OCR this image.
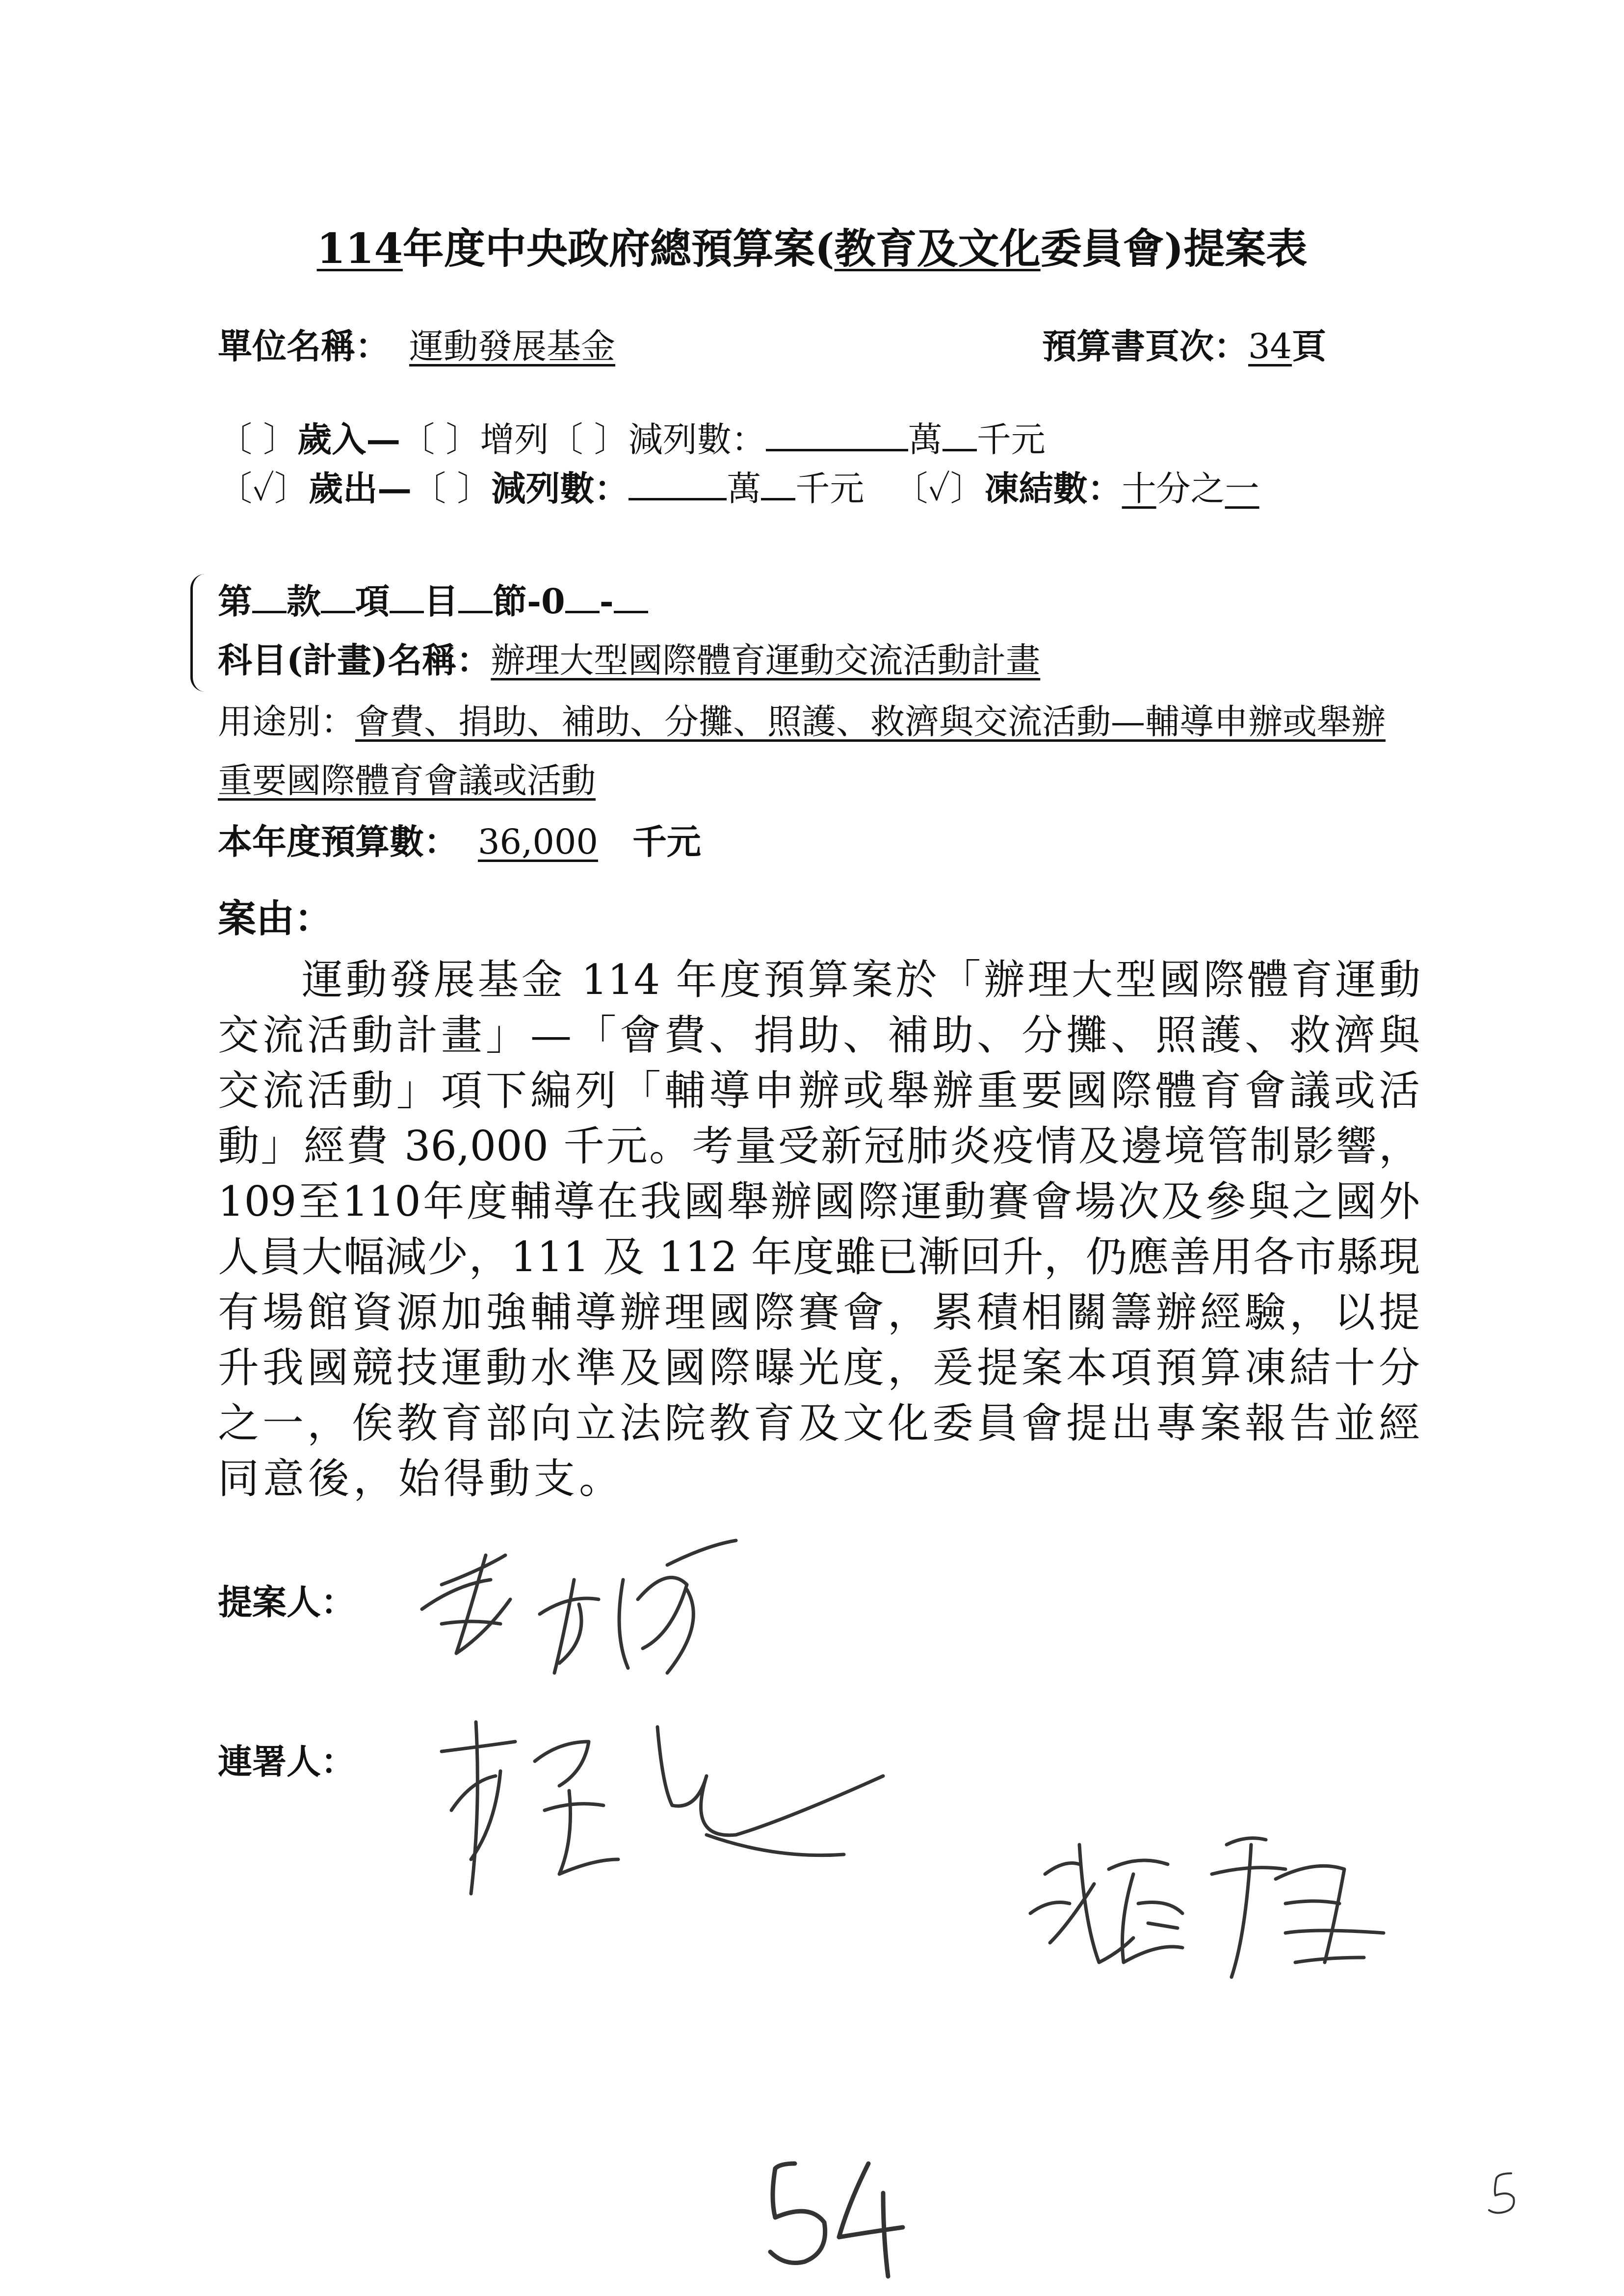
114年度中央政府總預算案(教育及文化委員會)提案表
單位名稱： 運動發展基金	預算書頁次：34頁
〔 〕歲入—〔 〕增列〔 〕減列數：	萬 千元
〔✓〕歲出—〔 〕減列數：	萬 千元 〔✓〕凍結數：十分之一
第 款 項 目 節-0 -
科目(計畫)名稱：辦理大型國際體育運動交流活動計畫
用途別：會費、捐助、補助、分攤、照護、救濟與交流活動—輔導申辦或舉辦
重要國際體育會議或活動
本年度預算數： 36,000 千元
案由：
運動發展基金 114 年度預算案於「辦理大型國際體育運動
交流活動計畫」—「會費、捐助、補助、分攤、照護、救濟與
交流活動」項下編列「輔導申辦或舉辦重要國際體育會議或活
動」經費 36,000 千元。考量受新冠肺炎疫情及邊境管制影響，
109至110年度輔導在我國舉辦國際運動賽會場次及參與之國外
人員大幅減少，111 及 112 年度雖已漸回升，仍應善用各市縣現
有場館資源加強輔導辦理國際賽會，累積相關籌辦經驗，以提
升我國競技運動水準及國際曝光度，爰提案本項預算凍結十分
之一，俟教育部向立法院教育及文化委員會提出專案報告並經
同意後，始得動支。
提案人：
連署人：
